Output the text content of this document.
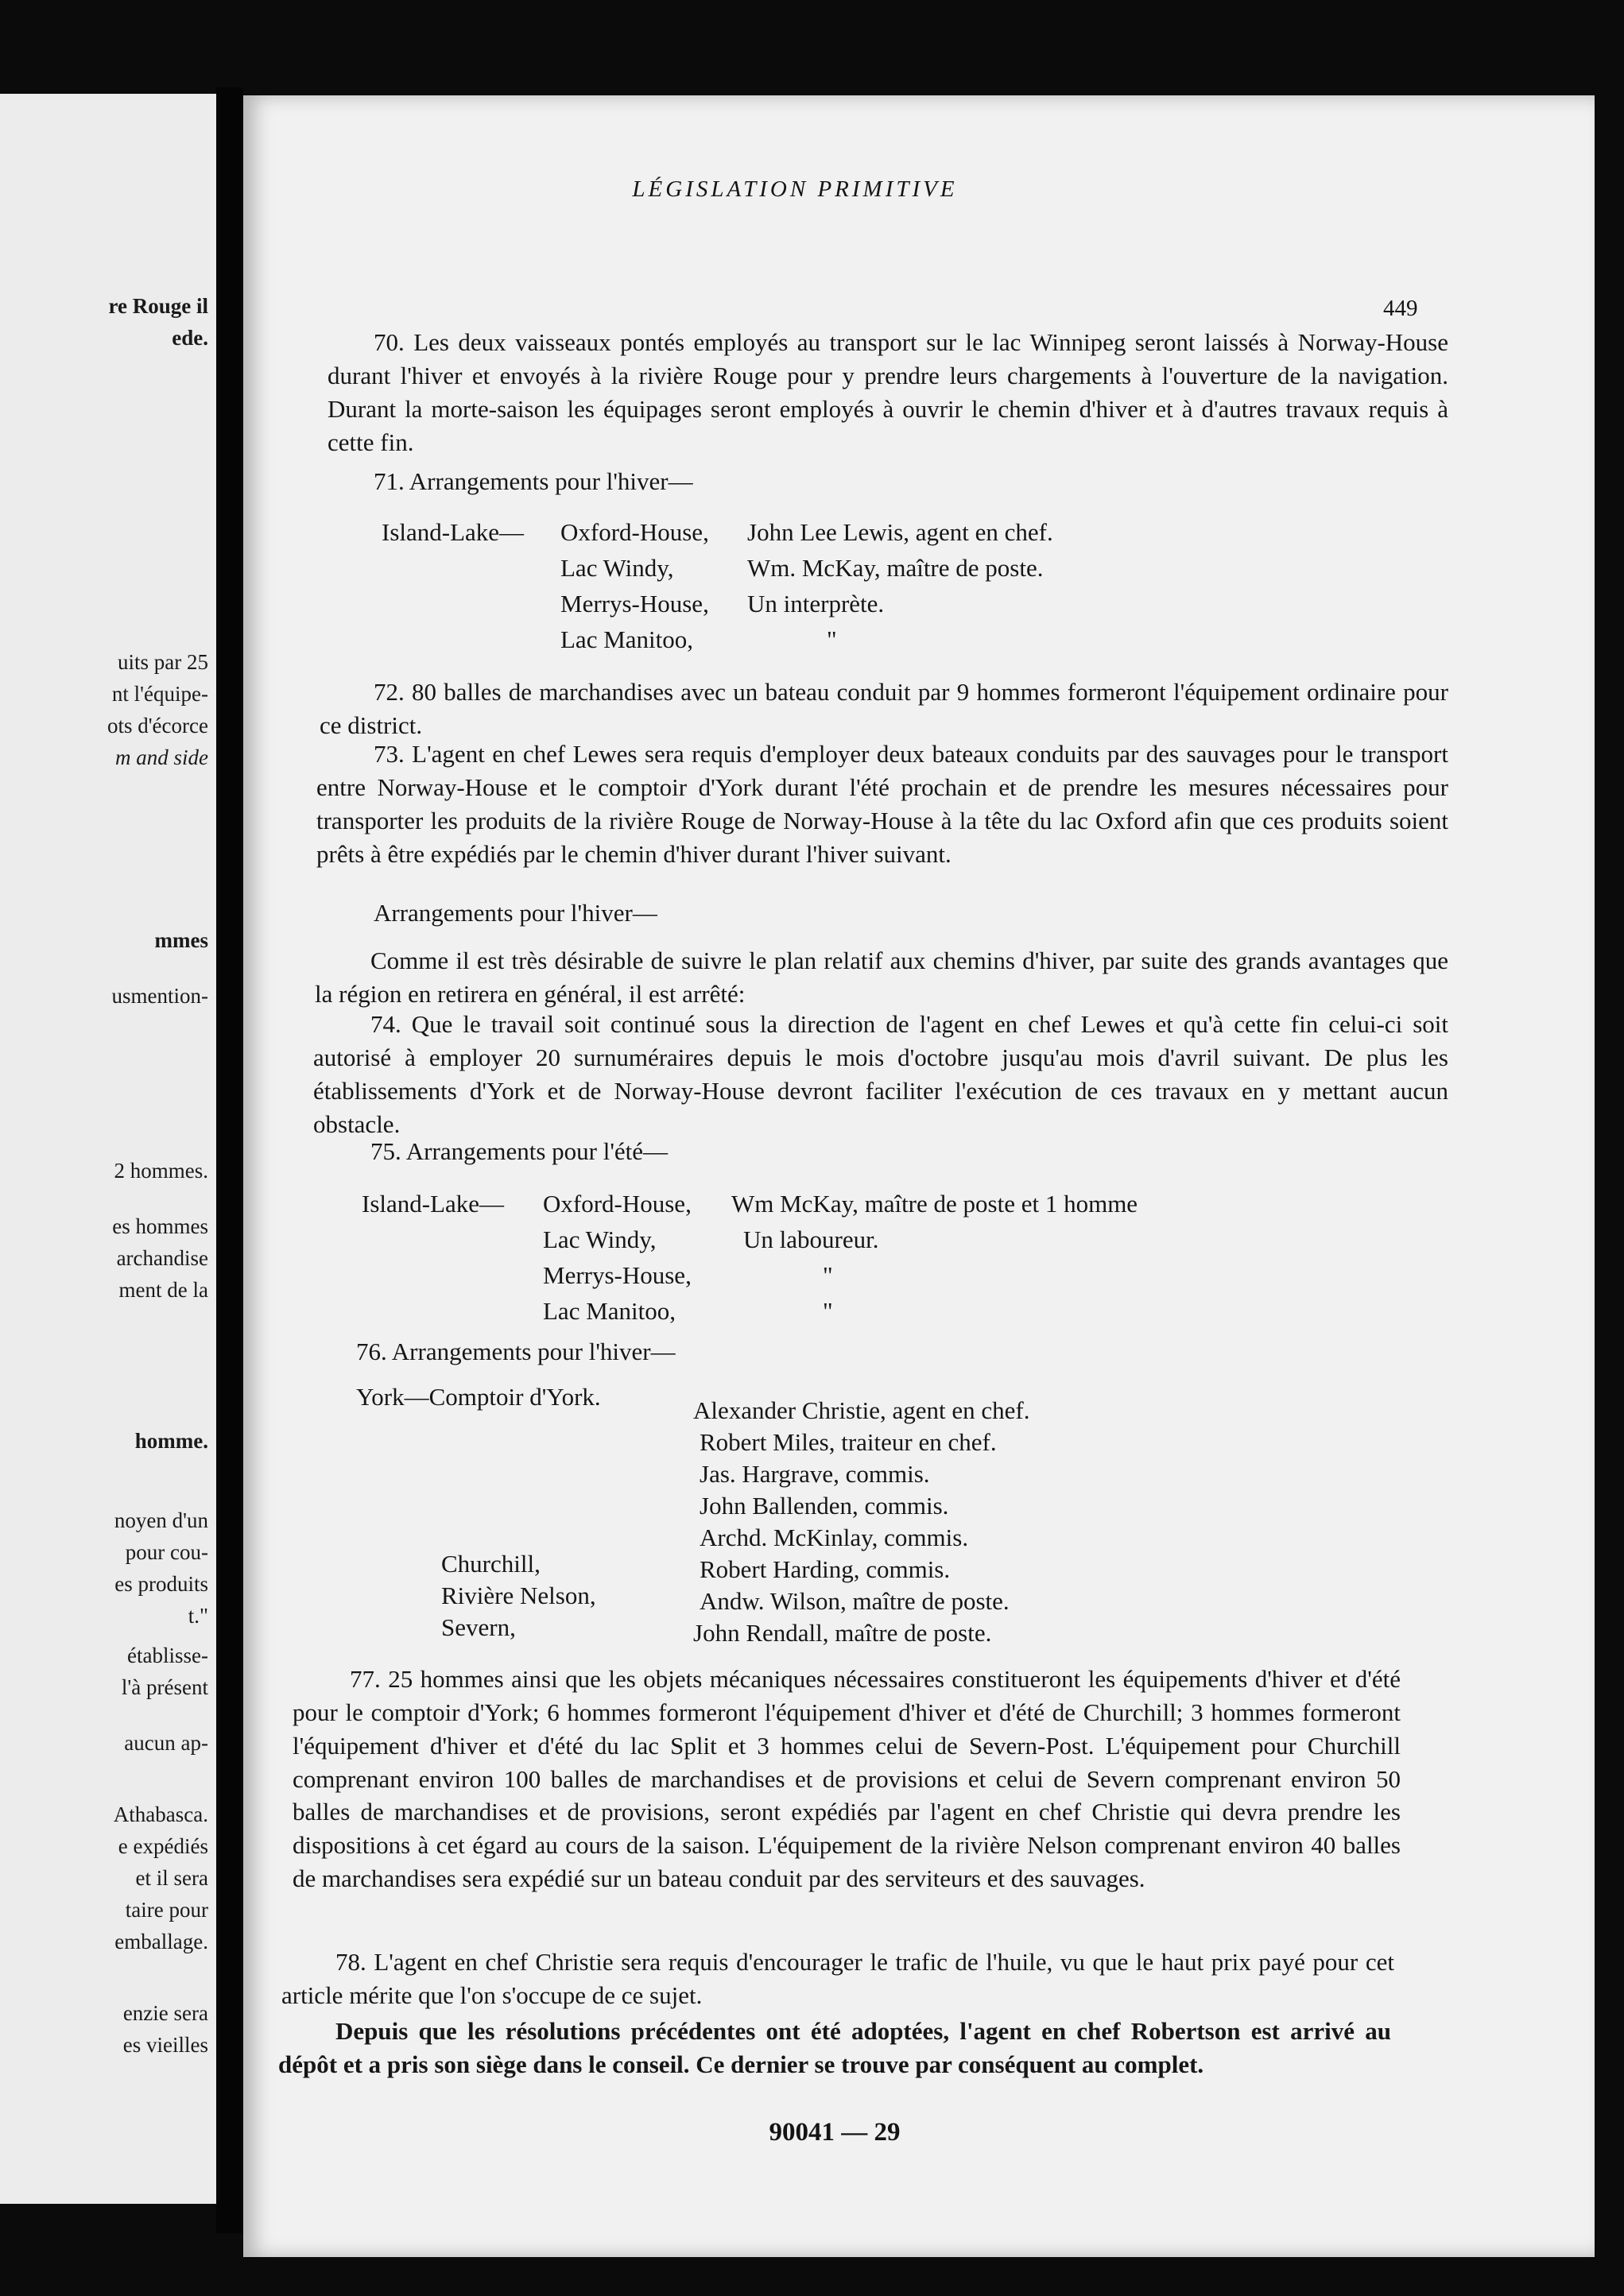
re Rouge il
ede.
uits par 25
nt l'équipe-
ots d'écorce
m and side
mmes
usmention-
2 hommes.
es hommes
archandise
ment de la
homme.
noyen d'un
pour cou-
es produits
t."
établisse-
l'à présent
aucun ap-
Athabasca.
e expédiés
et il sera
taire pour
emballage.
enzie sera
es vieilles
LÉGISLATION PRIMITIVE
449
70. Les deux vaisseaux pontés employés au transport sur le lac Winnipeg seront laissés à Norway-House durant l'hiver et envoyés à la rivière Rouge pour y prendre leurs chargements à l'ouverture de la navigation. Durant la morte-saison les équipages seront employés à ouvrir le chemin d'hiver et à d'autres travaux requis à cette fin.
71. Arrangements pour l'hiver—
Island-Lake— Oxford-House, John Lee Lewis, agent en chef.
Lac Windy,	Wm. McKay, maître de poste.
Merrys-House, Un interprète.
Lac Manitoo,	"
72. 80 balles de marchandises avec un bateau conduit par 9 hommes formeront l'équipement ordinaire pour ce district.
73. L'agent en chef Lewes sera requis d'employer deux bateaux conduits par des sauvages pour le transport entre Norway-House et le comptoir d'York durant l'été prochain et de prendre les mesures nécessaires pour transporter les produits de la rivière Rouge de Norway-House à la tête du lac Oxford afin que ces produits soient prêts à être expédiés par le chemin d'hiver durant l'hiver suivant.
Arrangements pour l'hiver—
Comme il est très désirable de suivre le plan relatif aux chemins d'hiver, par suite des grands avantages que la région en retirera en général, il est arrêté:
74. Que le travail soit continué sous la direction de l'agent en chef Lewes et qu'à cette fin celui-ci soit autorisé à employer 20 surnuméraires depuis le mois d'octobre jusqu'au mois d'avril suivant. De plus les établissements d'York et de Norway-House devront faciliter l'exécution de ces travaux en y mettant aucun obstacle.
75. Arrangements pour l'été—
Island-Lake— Oxford-House, Wm McKay, maître de poste et 1 homme
Lac Windy,	Un laboureur.
Merrys-House,	"
Lac Manitoo,	"
76. Arrangements pour l'hiver—
York—Comptoir d'York.	Alexander Christie, agent en chef.
Robert Miles, traiteur en chef.
Jas. Hargrave, commis.
John Ballenden, commis.
Archd. McKinlay, commis.
Churchill,	Robert Harding, commis.
Rivière Nelson,	Andw. Wilson, maître de poste.
Severn,	John Rendall, maître de poste.
77. 25 hommes ainsi que les objets mécaniques nécessaires constitueront les équipements d'hiver et d'été pour le comptoir d'York; 6 hommes formeront l'équipement d'hiver et d'été de Churchill; 3 hommes formeront l'équipement d'hiver et d'été du lac Split et 3 hommes celui de Severn-Post. L'équipement pour Churchill comprenant environ 100 balles de marchandises et de provisions et celui de Severn comprenant environ 50 balles de marchandises et de provisions, seront expédiés par l'agent en chef Christie qui devra prendre les dispositions à cet égard au cours de la saison. L'équipement de la rivière Nelson comprenant environ 40 balles de marchandises sera expédié sur un bateau conduit par des serviteurs et des sauvages.
78. L'agent en chef Christie sera requis d'encourager le trafic de l'huile, vu que le haut prix payé pour cet article mérite que l'on s'occupe de ce sujet.
Depuis que les résolutions précédentes ont été adoptées, l'agent en chef Robertson est arrivé au dépôt et a pris son siège dans le conseil. Ce dernier se trouve par conséquent au complet.
90041 — 29
